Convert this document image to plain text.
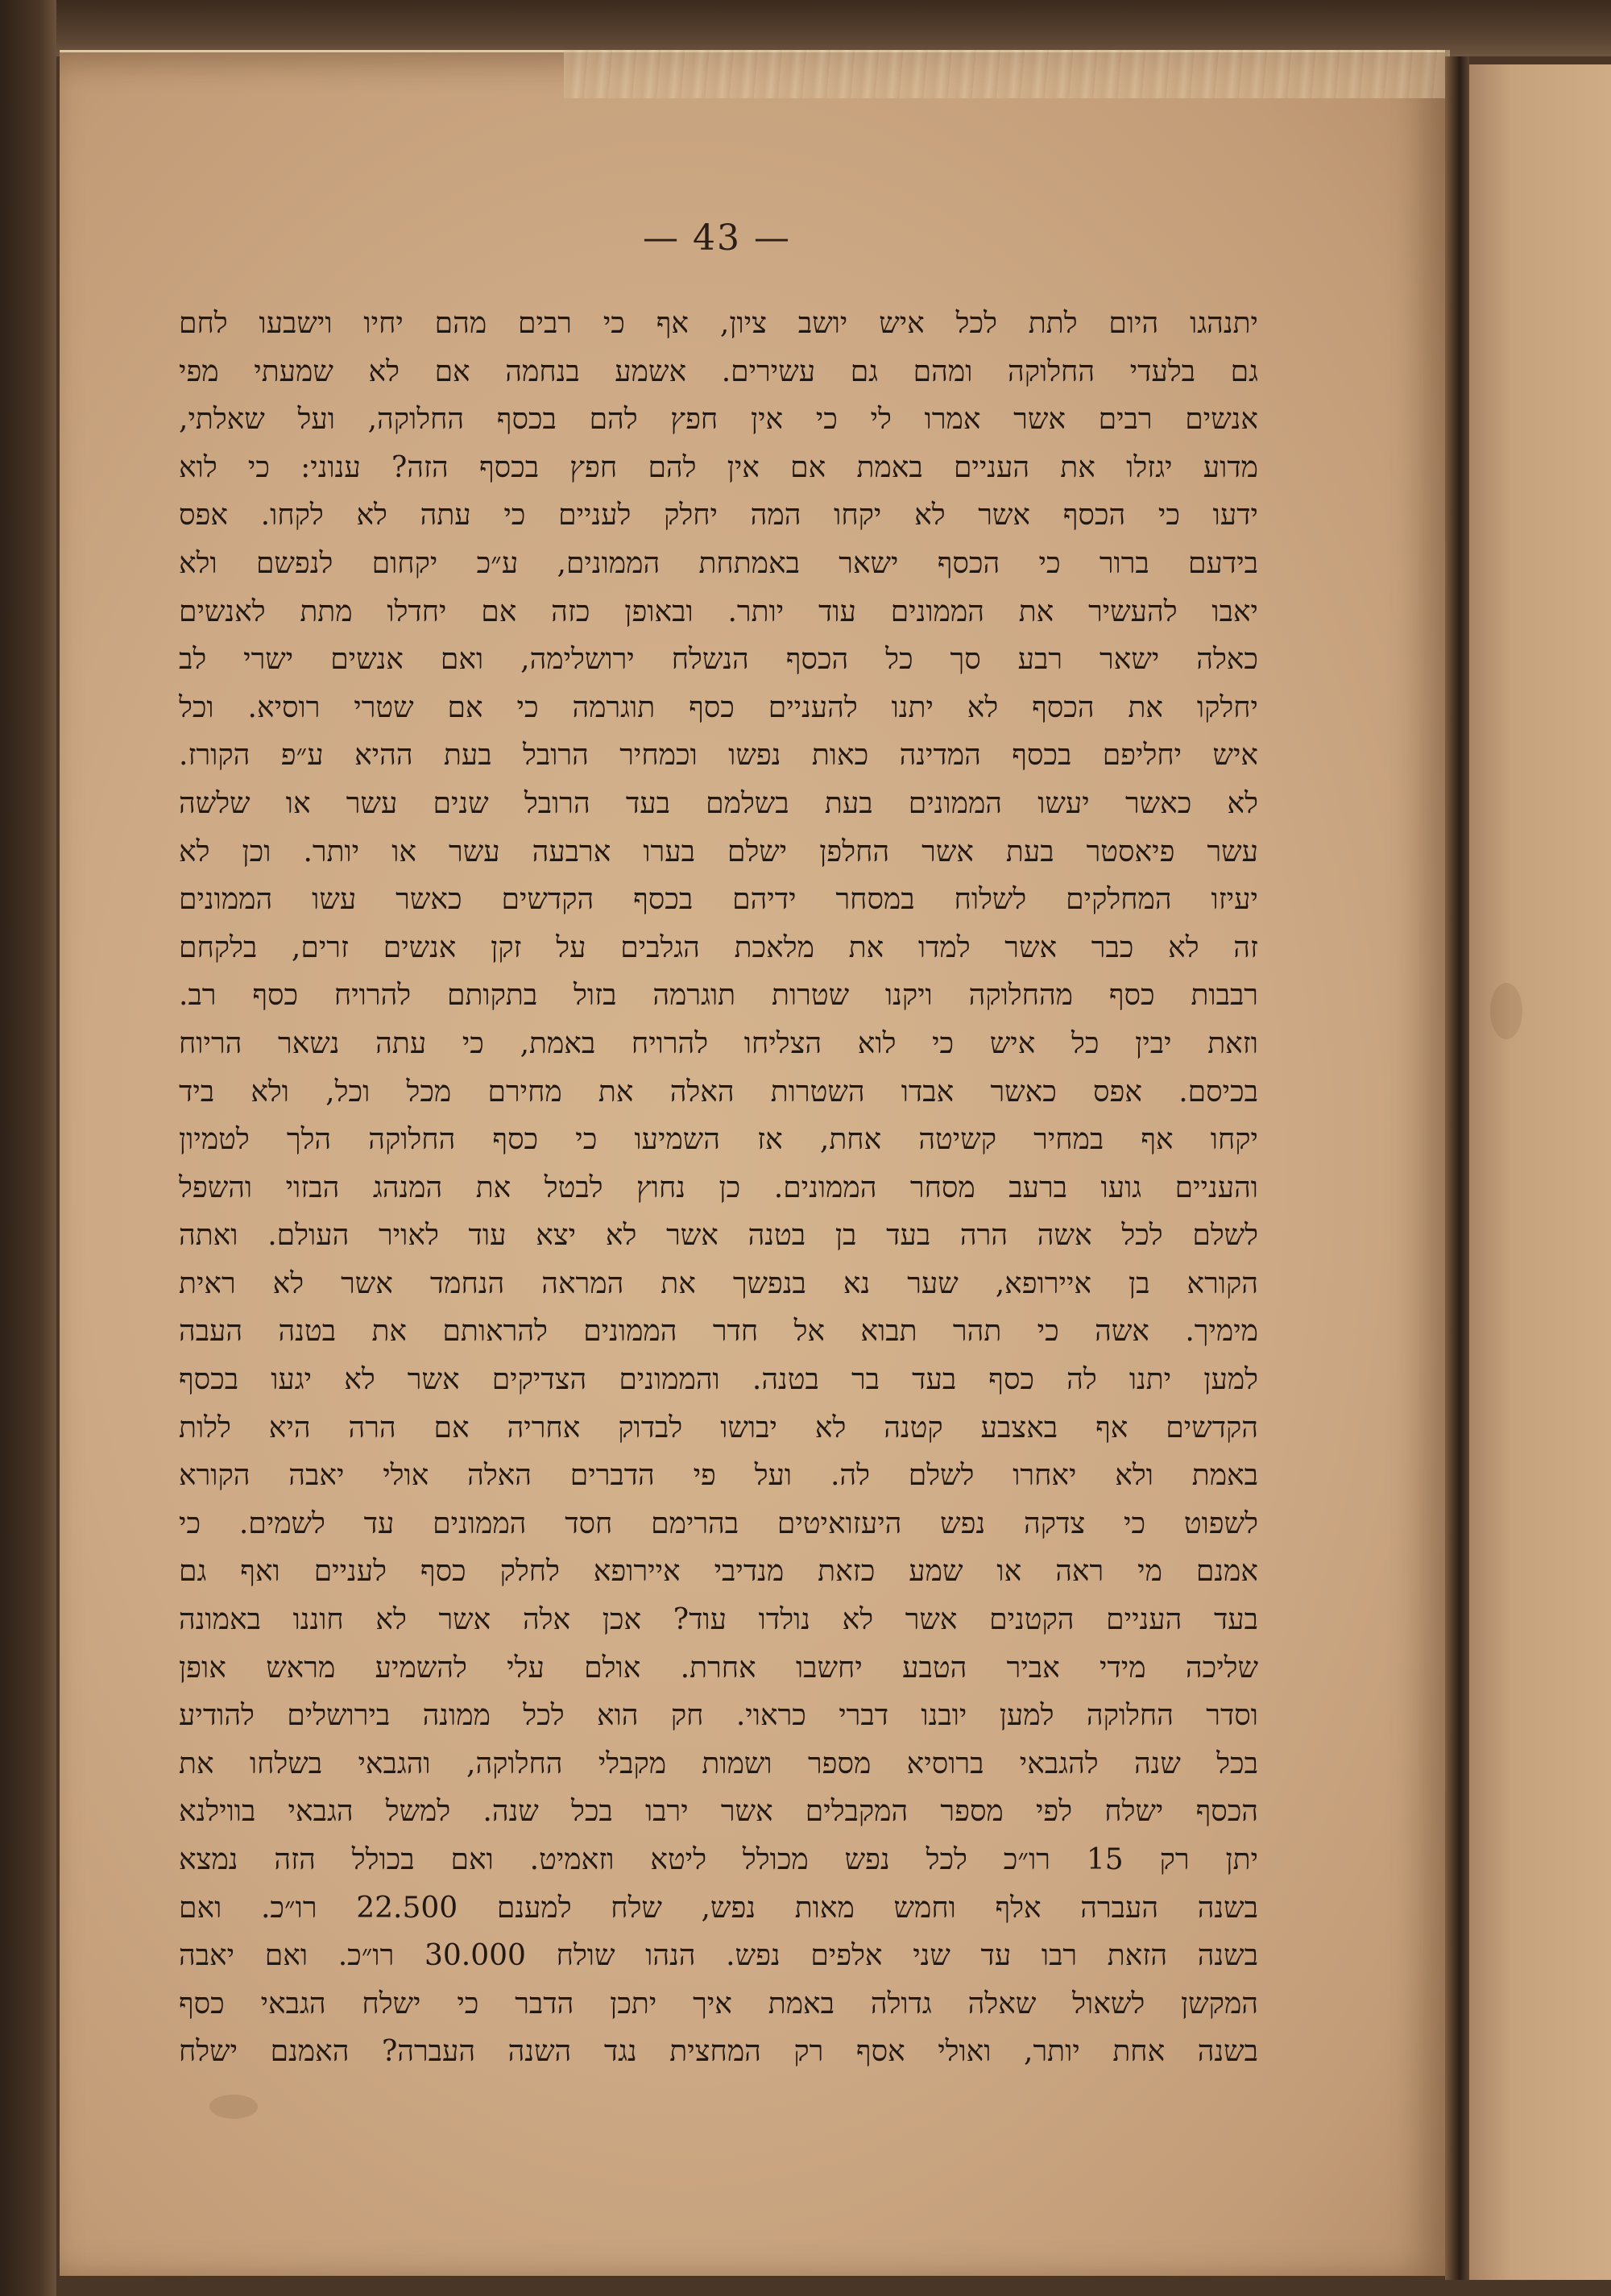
— 43 —
יתנהגו היום לתת לכל איש יושב ציון, אף כי רבים מהם יחיו וישבעו לחם
גם בלעדי החלוקה ומהם גם עשירים. אשמע בנחמה אם לא שמעתי מפי
אנשים רבים אשר אמרו לי כי אין חפץ להם בכסף החלוקה, ועל שאלתי,
מדוע יגזלו את העניים באמת אם אין להם חפץ בכסף הזה? ענוני: כי לוא
ידעו כי הכסף אשר לא יקחו המה יחלק לעניים כי עתה לא לקחו. אפס
בידעם ברור כי הכסף ישאר באמתחת הממונים, ע״כ יקחום לנפשם ולא
יאבו להעשיר את הממונים עוד יותר. ובאופן כזה אם יחדלו מתת לאנשים
כאלה ישאר רבע סך כל הכסף הנשלח ירושלימה, ואם אנשים ישרי לב
יחלקו את הכסף לא יתנו להעניים כסף תוגרמה כי אם שטרי רוסיא. וכל
איש יחליפם בכסף המדינה כאות נפשו וכמחיר הרובל בעת ההיא ע״פ הקורז.
לא כאשר יעשו הממונים בעת בשלמם בעד הרובל שנים עשר או שלשה
עשר פיאסטר בעת אשר החלפן ישלם בערו ארבעה עשר או יותר. וכן לא
יעיזו המחלקים לשלוח במסחר ידיהם בכסף הקדשים כאשר עשו הממונים
זה לא כבר אשר למדו את מלאכת הגלבים על זקן אנשים זרים, בלקחם
רבבות כסף מהחלוקה ויקנו שטרות תוגרמה בזול בתקותם להרויח כסף רב.
וזאת יבין כל איש כי לוא הצליחו להרויח באמת, כי עתה נשאר הריוח
בכיסם. אפס כאשר אבדו השטרות האלה את מחירם מכל וכל, ולא ביד
יקחו אף במחיר קשיטה אחת, אז השמיעו כי כסף החלוקה הלך לטמיון
והעניים גועו ברעב מסחר הממונים. כן נחוץ לבטל את המנהג הבזוי והשפל
לשלם לכל אשה הרה בעד בן בטנה אשר לא יצא עוד לאויר העולם. ואתה
הקורא בן איירופא, שער נא בנפשך את המראה הנחמד אשר לא ראית
מימיך. אשה כי תהר תבוא אל חדר הממונים להראותם את בטנה העבה
למען יתנו לה כסף בעד בר בטנה. והממונים הצדיקים אשר לא יגעו בכסף
הקדשים אף באצבע קטנה לא יבושו לבדוק אחריה אם הרה היא ללות
באמת ולא יאחרו לשלם לה. ועל פי הדברים האלה אולי יאבה הקורא
לשפוט כי צדקה נפש היעזואיטים בהרימם חסד הממונים עד לשמים. כי
אמנם מי ראה או שמע כזאת מנדיבי איירופא לחלק כסף לעניים ואף גם
בעד העניים הקטנים אשר לא נולדו עוד? אכן אלה אשר לא חוננו באמונה
שליכה מידי אביר הטבע יחשבו אחרת. אולם עלי להשמיע מראש אופן
וסדר החלוקה למען יובנו דברי כראוי. חק הוא לכל ממונה בירושלים להודיע
בכל שנה להגבאי ברוסיא מספר ושמות מקבלי החלוקה, והגבאי בשלחו את
הכסף ישלח לפי מספר המקבלים אשר ירבו בכל שנה. למשל הגבאי בווילנא
יתן רק 15 רו״כ לכל נפש מכולל ליטא וזאמיט. ואם בכולל הזה נמצא
בשנה העברה אלף וחמש מאות נפש, שלח למענם 22.500 רו״כ. ואם
בשנה הזאת רבו עד שני אלפים נפש. הנהו שולח 30.000 רו״כ. ואם יאבה
המקשן לשאול שאלה גדולה באמת איך יתכן הדבר כי ישלח הגבאי כסף
בשנה אחת יותר, ואולי אסף רק המחצית נגד השנה העברה? האמנם ישלח
